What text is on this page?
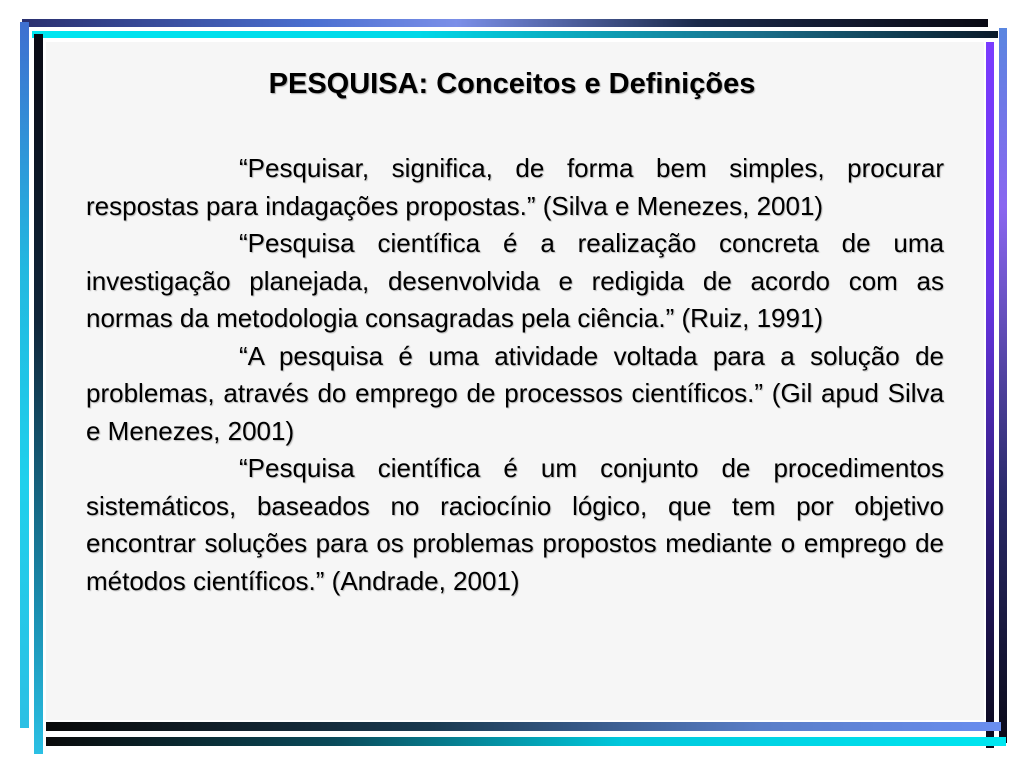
PESQUISA: Conceitos e Definições

“Pesquisar, significa, de forma bem simples, procurar respostas para indagações propostas.” (Silva e Menezes, 2001)

“Pesquisa científica é a realização concreta de uma investigação planejada, desenvolvida e redigida de acordo com as normas da metodologia consagradas pela ciência.” (Ruiz, 1991)

“A pesquisa é uma atividade voltada para a solução de problemas, através do emprego de processos científicos.” (Gil apud Silva e Menezes, 2001)

“Pesquisa científica é um conjunto de procedimentos sistemáticos, baseados no raciocínio lógico, que tem por objetivo encontrar soluções para os problemas propostos mediante o emprego de métodos científicos.” (Andrade, 2001)
